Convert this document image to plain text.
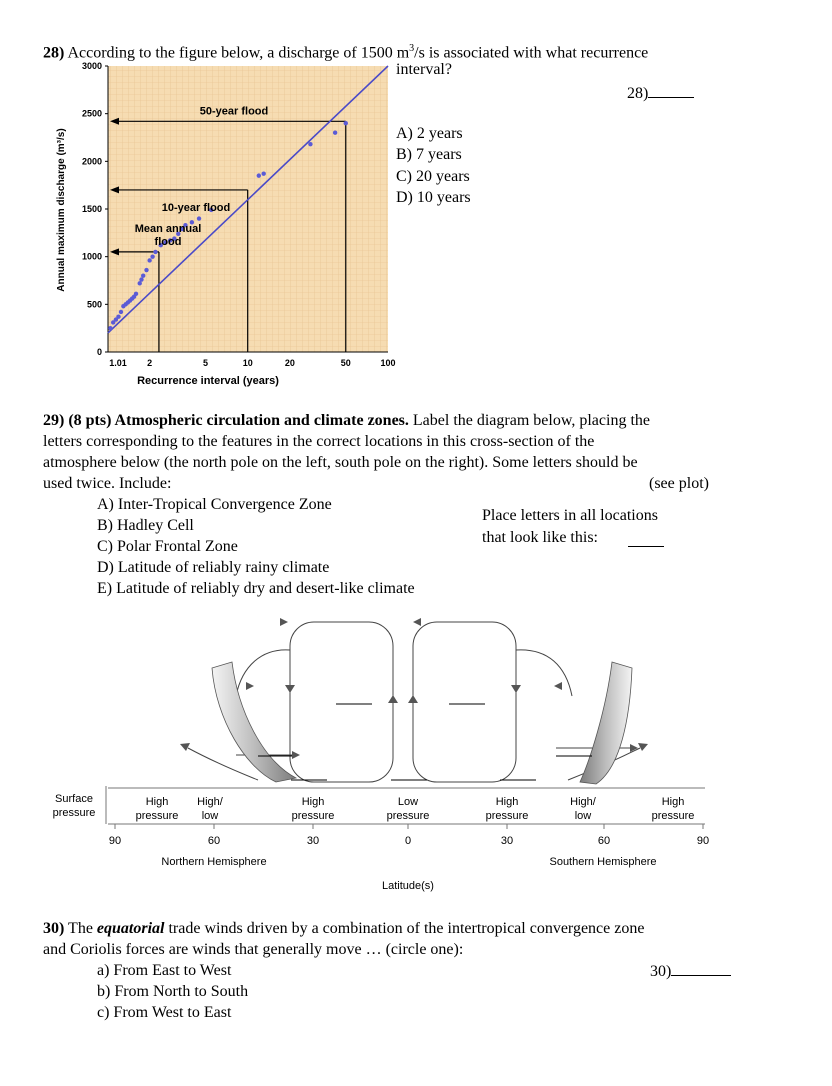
28) According to the figure below, a discharge of 1500 $m^3/s$ is associated with what recurrence
interval?
28)
A) 2 years
B) 7 years
C) 20 years
D) 10 years
0
500
1000
1500
2000
2500
3000
1.01 2	5	10	20	50	100
Annual maximum discharge (m³/s)
Recurrence interval (years)
Mean annual
flood
10-year flood
50-year flood
29) (8 pts) Atmospheric circulation and climate zones. Label the diagram below, placing the
letters corresponding to the features in the correct locations in this cross-section of the
atmosphere below (the north pole on the left, south pole on the right). Some letters should be
used twice. Include:	(see plot)
A) Inter-Tropical Convergence Zone
B) Hadley Cell
C) Polar Frontal Zone
D) Latitude of reliably rainy climate
E) Latitude of reliably dry and desert-like climate
Place letters in all locations
that look like this:
Surface
pressure
High
pressure
High/
low
High
pressure
Low
pressure
High
pressure
High/
low
High
pressure
90	60	30	0	30	60	90
Northern Hemisphere	Southern Hemisphere
Latitude(s)
30) The equatorial trade winds driven by a combination of the intertropical convergence zone
and Coriolis forces are winds that generally move … (circle one):
a) From East to West
b) From North to South
c) From West to East
30)
